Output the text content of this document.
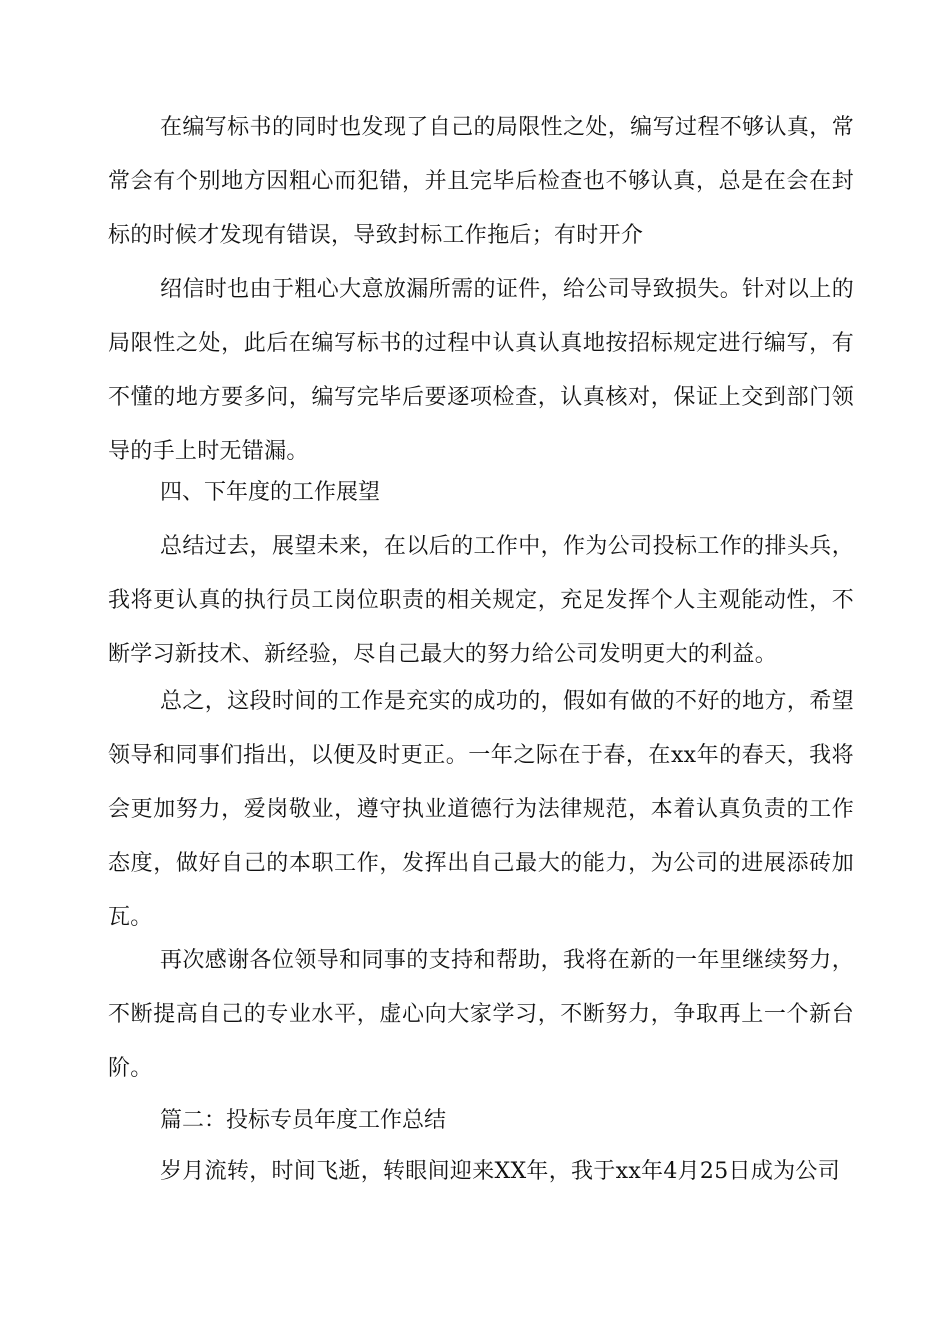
在编写标书的同时也发现了自己的局限性之处，编写过程不够认真，常常会有个别地方因粗心而犯错，并且完毕后检查也不够认真，总是在会在封标的时候才发现有错误，导致封标工作拖后；有时开介

绍信时也由于粗心大意放漏所需的证件，给公司导致损失。针对以上的局限性之处，此后在编写标书的过程中认真认真地按招标规定进行编写，有不懂的地方要多问，编写完毕后要逐项检查，认真核对，保证上交到部门领导的手上时无错漏。

四、下年度的工作展望

总结过去，展望未来，在以后的工作中，作为公司投标工作的排头兵，我将更认真的执行员工岗位职责的相关规定，充足发挥个人主观能动性，不断学习新技术、新经验，尽自己最大的努力给公司发明更大的利益。

总之，这段时间的工作是充实的成功的，假如有做的不好的地方，希望领导和同事们指出，以便及时更正。一年之际在于春，在xx年的春天，我将会更加努力，爱岗敬业，遵守执业道德行为法律规范，本着认真负责的工作态度，做好自己的本职工作，发挥出自己最大的能力，为公司的进展添砖加瓦。

再次感谢各位领导和同事的支持和帮助，我将在新的一年里继续努力，不断提高自己的专业水平，虚心向大家学习，不断努力，争取再上一个新台阶。

篇二：投标专员年度工作总结

岁月流转，时间飞逝，转眼间迎来XX年，我于xx年4月25日成为公司
